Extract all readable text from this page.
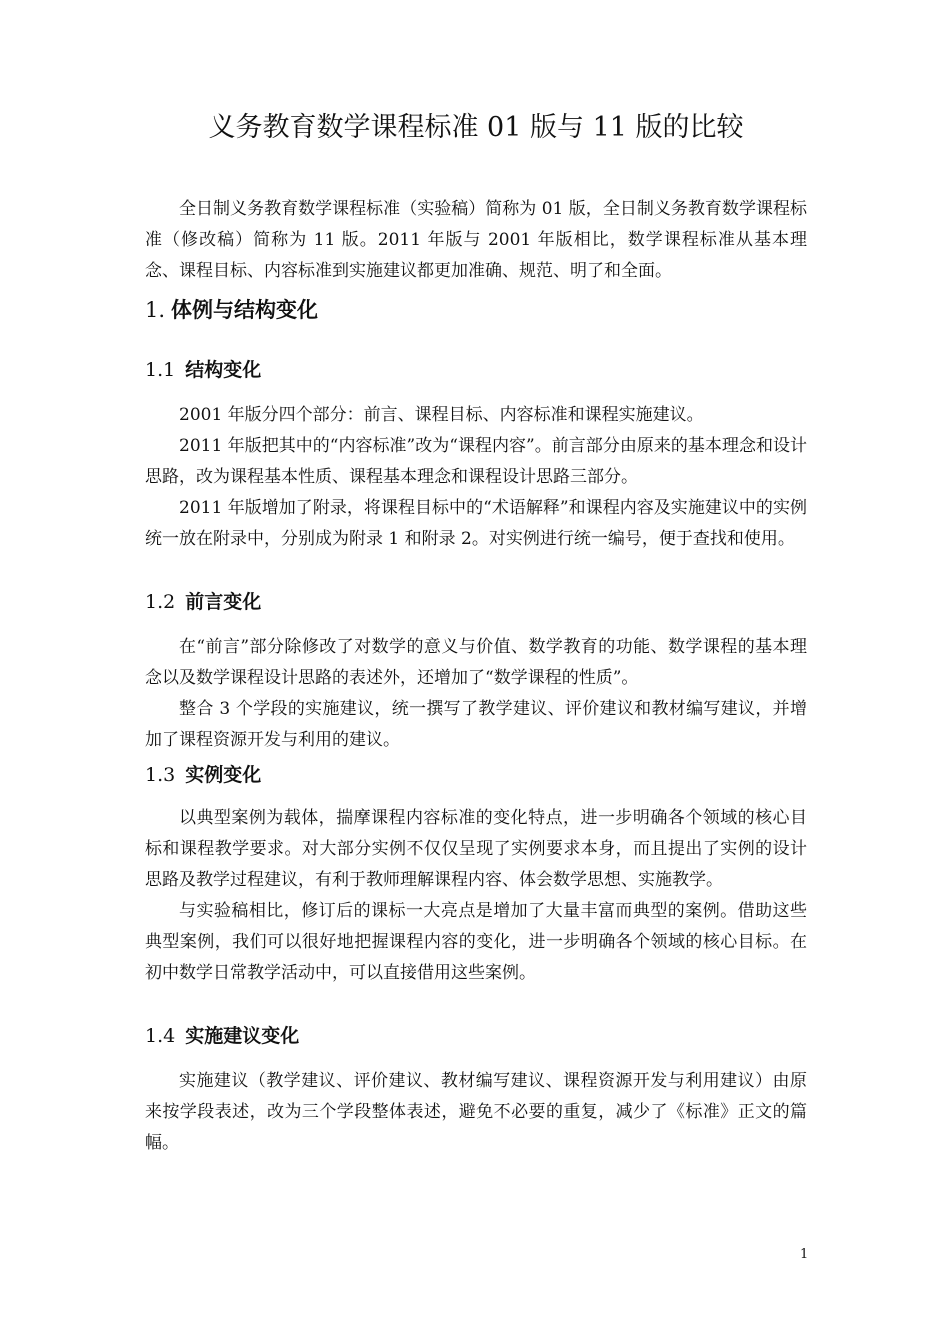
义务教育数学课程标准 01 版与 11 版的比较

全日制义务教育数学课程标准（实验稿）简称为 01 版，全日制义务教育数学课程标准（修改稿）简称为 11 版。2011 年版与 2001 年版相比，数学课程标准从基本理念、课程目标、内容标准到实施建议都更加准确、规范、明了和全面。

1. 体例与结构变化
1.1 结构变化

2001 年版分四个部分：前言、课程目标、内容标准和课程实施建议。

2011 年版把其中的“内容标准”改为“课程内容”。前言部分由原来的基本理念和设计思路，改为课程基本性质、课程基本理念和课程设计思路三部分。

2011 年版增加了附录，将课程目标中的“术语解释”和课程内容及实施建议中的实例统一放在附录中，分别成为附录 1 和附录 2。对实例进行统一编号，便于查找和使用。

1.2 前言变化

在“前言”部分除修改了对数学的意义与价值、数学教育的功能、数学课程的基本理念以及数学课程设计思路的表述外，还增加了“数学课程的性质”。

整合 3 个学段的实施建议，统一撰写了教学建议、评价建议和教材编写建议，并增加了课程资源开发与利用的建议。

1.3 实例变化

以典型案例为载体，揣摩课程内容标准的变化特点，进一步明确各个领域的核心目标和课程教学要求。对大部分实例不仅仅呈现了实例要求本身，而且提出了实例的设计思路及教学过程建议，有利于教师理解课程内容、体会数学思想、实施教学。

与实验稿相比，修订后的课标一大亮点是增加了大量丰富而典型的案例。借助这些典型案例，我们可以很好地把握课程内容的变化，进一步明确各个领域的核心目标。在初中数学日常教学活动中，可以直接借用这些案例。

1.4 实施建议变化

实施建议（教学建议、评价建议、教材编写建议、课程资源开发与利用建议）由原来按学段表述，改为三个学段整体表述，避免不必要的重复，减少了《标准》正文的篇幅。

1
